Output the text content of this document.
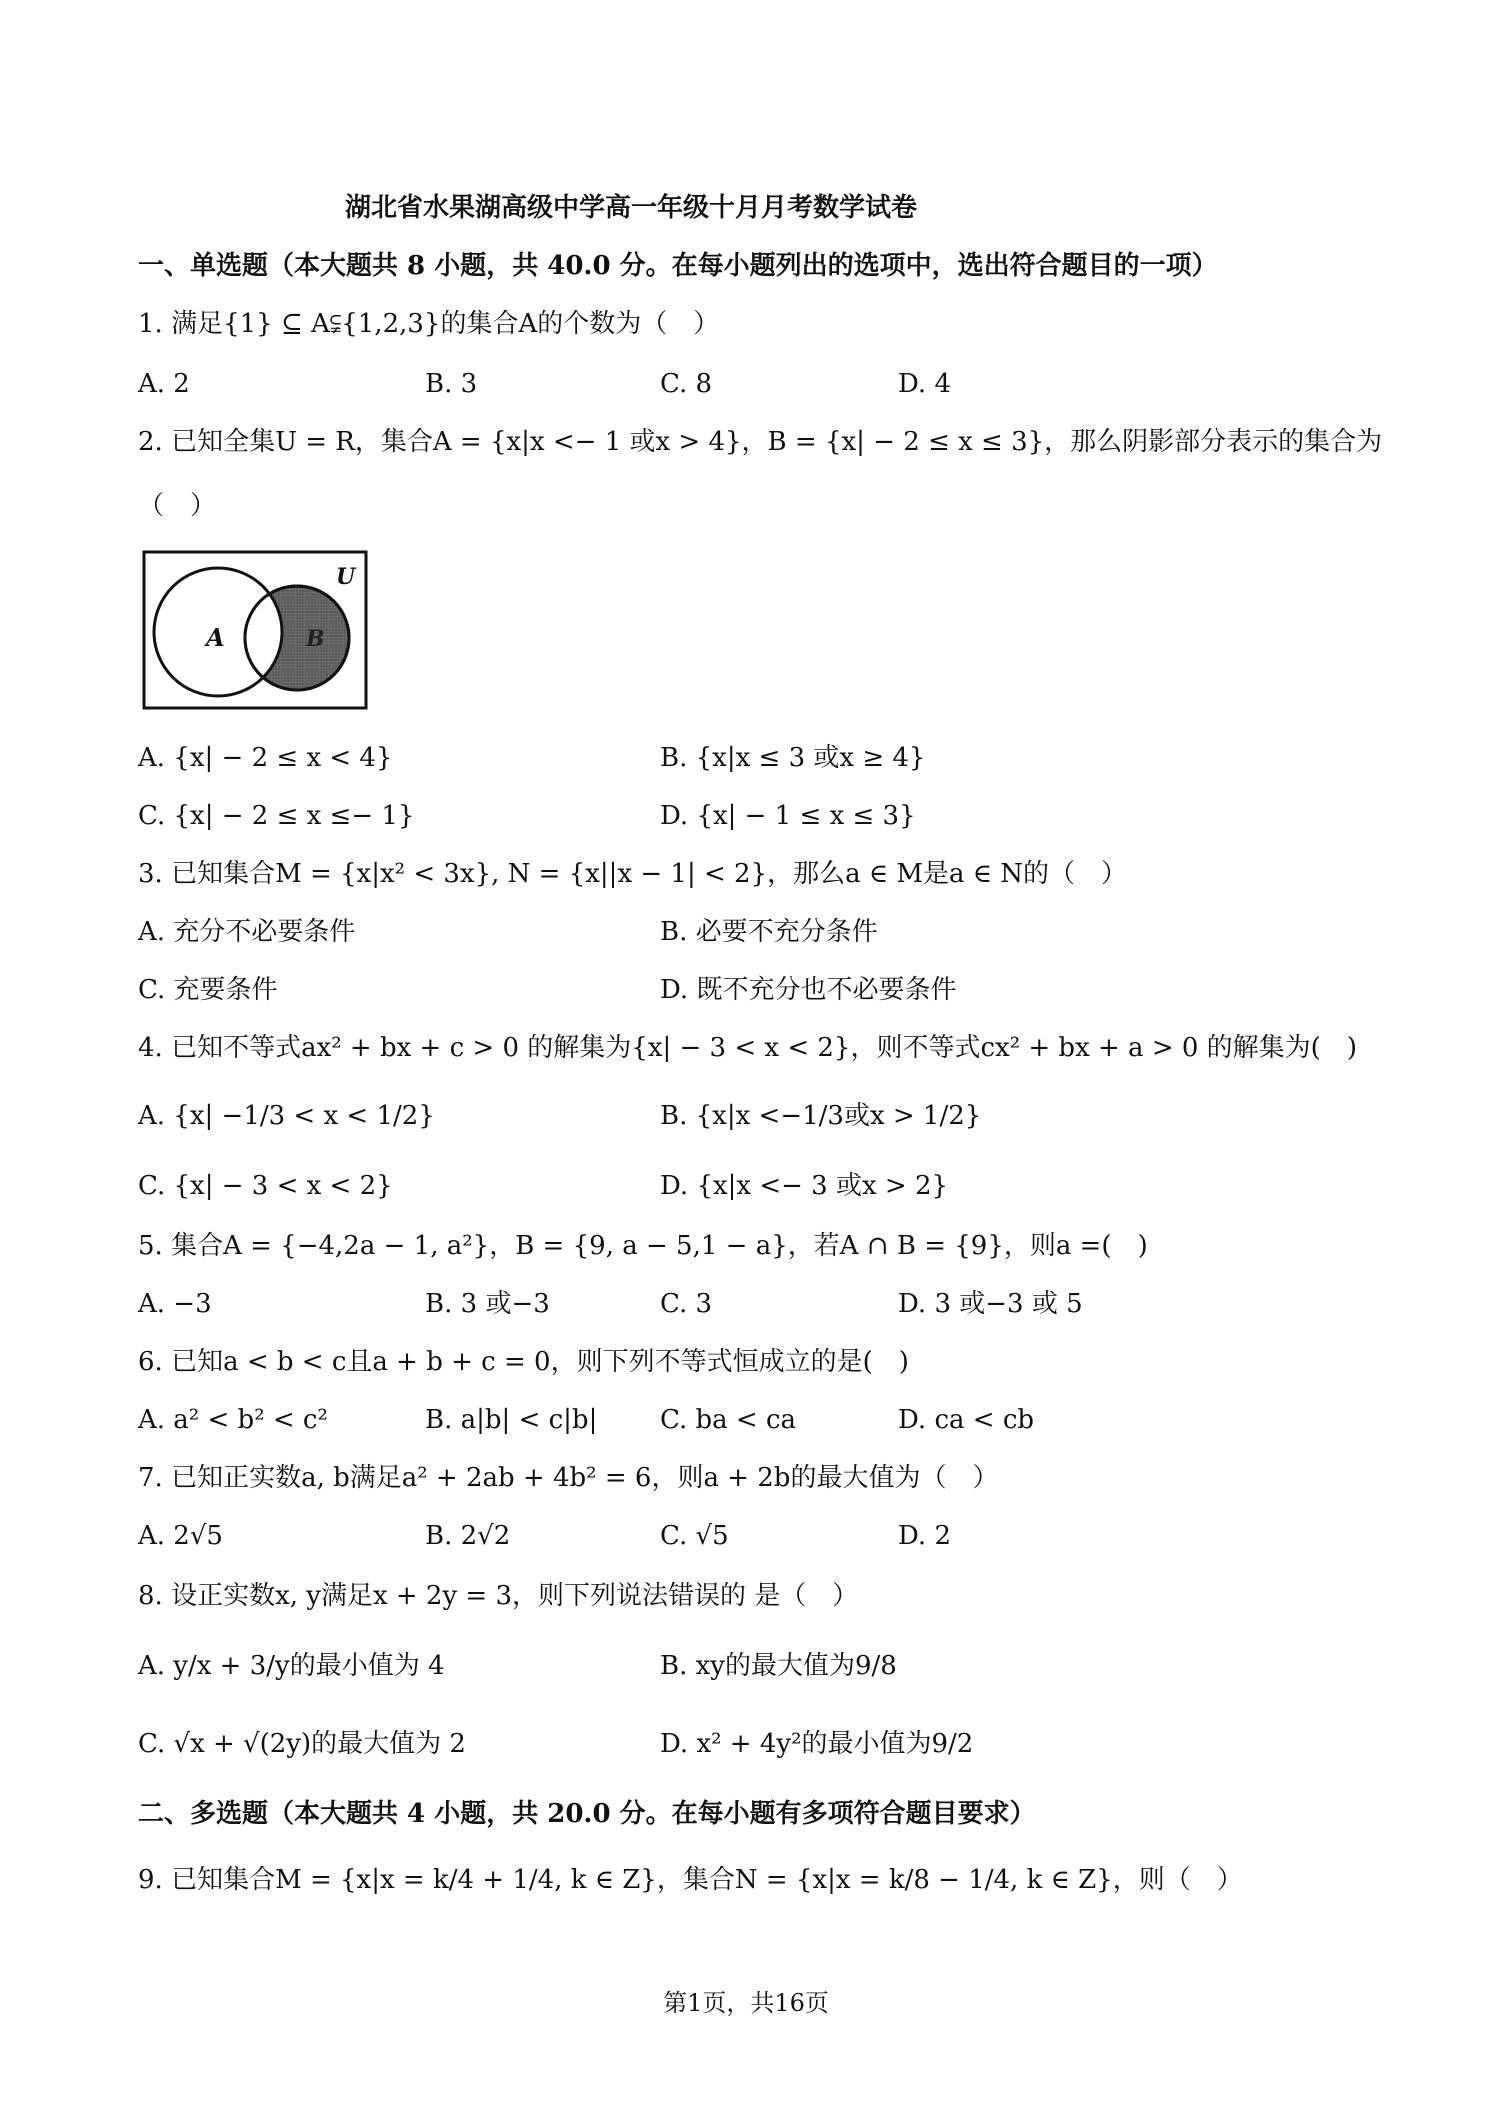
湖北省水果湖高级中学高一年级十月月考数学试卷
一、单选题（本大题共 8 小题，共 40.0 分。在每小题列出的选项中，选出符合题目的一项）
1. 满足{1} ⊆ A⫋{1,2,3}的集合A的个数为（　）
A. 2	B. 3	C. 8	D. 4
2. 已知全集U = R，集合A = {x|x <− 1 或x > 4}，B = {x| − 2 ≤ x ≤ 3}，那么阴影部分表示的集合为
（　）
U
A	B
A. {x| − 2 ≤ x < 4}	B. {x|x ≤ 3 或x ≥ 4}
C. {x| − 2 ≤ x ≤− 1}	D. {x| − 1 ≤ x ≤ 3}
3. 已知集合M = {x|x² < 3x}, N = {x||x − 1| < 2}，那么a ∈ M是a ∈ N的（　）
A. 充分不必要条件	B. 必要不充分条件
C. 充要条件	D. 既不充分也不必要条件
4. 已知不等式ax² + bx + c > 0 的解集为{x| − 3 < x < 2}，则不等式cx² + bx + a > 0 的解集为(　)
A. {x| −1/3 < x < 1/2}	B. {x|x <−1/3或x > 1/2}
C. {x| − 3 < x < 2}	D. {x|x <− 3 或x > 2}
5. 集合A = {−4,2a − 1, a²}，B = {9, a − 5,1 − a}，若A ∩ B = {9}，则a =(　)
A. −3	B. 3 或−3	C. 3	D. 3 或−3 或 5
6. 已知a < b < c且a + b + c = 0，则下列不等式恒成立的是(　)
A. a² < b² < c²	B. a|b| < c|b| C. ba < ca	D. ca < cb
7. 已知正实数a, b满足a² + 2ab + 4b² = 6，则a + 2b的最大值为（　）
A. 2√5	B. 2√2	C. √5	D. 2
8. 设正实数x, y满足x + 2y = 3，则下列说法错误的 是（　）
A. y/x + 3/y的最小值为 4	B. xy的最大值为9/8
C. √x + √(2y)的最大值为 2	D. x² + 4y²的最小值为9/2
二、多选题（本大题共 4 小题，共 20.0 分。在每小题有多项符合题目要求）
9. 已知集合M = {x|x = k/4 + 1/4, k ∈ Z}，集合N = {x|x = k/8 − 1/4, k ∈ Z}，则（　）
第1页，共16页
